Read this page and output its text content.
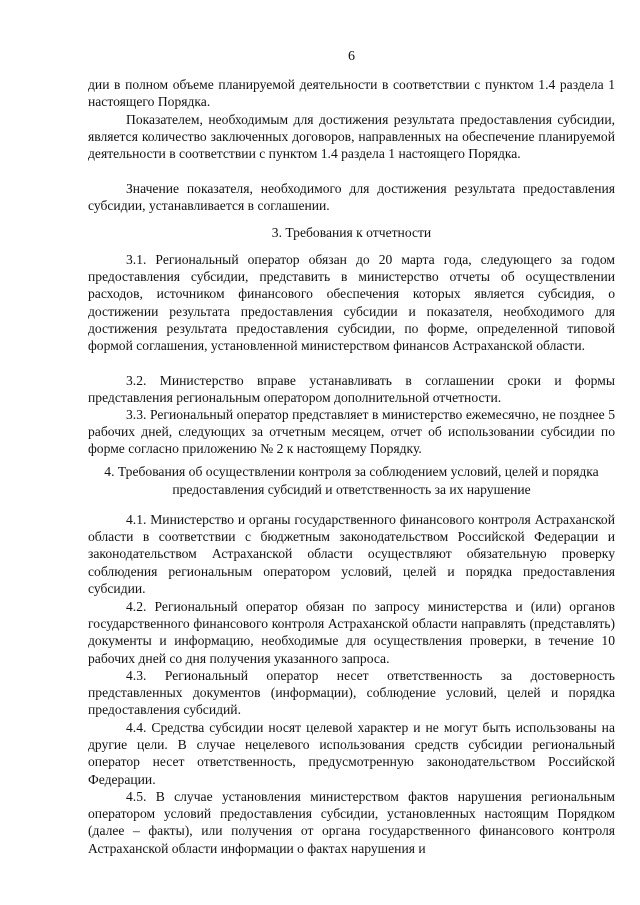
6

дии в полном объеме планируемой деятельности в соответствии с пунктом 1.4 раздела 1 настоящего Порядка.

Показателем, необходимым для достижения результата предоставления субсидии, является количество заключенных договоров, направленных на обеспечение планируемой деятельности в соответствии с пунктом 1.4 раздела 1 настоящего Порядка.

Значение показателя, необходимого для достижения результата предоставления субсидии, устанавливается в соглашении.

3. Требования к отчетности

3.1. Региональный оператор обязан до 20 марта года, следующего за годом предоставления субсидии, представить в министерство отчеты об осуществлении расходов, источником финансового обеспечения которых является субсидия, о достижении результата предоставления субсидии и показателя, необходимого для достижения результата предоставления субсидии, по форме, определенной типовой формой соглашения, установленной министерством финансов Астраханской области.

3.2. Министерство вправе устанавливать в соглашении сроки и формы представления региональным оператором дополнительной отчетности.

3.3. Региональный оператор представляет в министерство ежемесячно, не позднее 5 рабочих дней, следующих за отчетным месяцем, отчет об использовании субсидии по форме согласно приложению № 2 к настоящему Порядку.

4. Требования об осуществлении контроля за соблюдением условий, целей и порядка предоставления субсидий и ответственность за их нарушение

4.1. Министерство и органы государственного финансового контроля Астраханской области в соответствии с бюджетным законодательством Российской Федерации и законодательством Астраханской области осуществляют обязательную проверку соблюдения региональным оператором условий, целей и порядка предоставления субсидии.

4.2. Региональный оператор обязан по запросу министерства и (или) органов государственного финансового контроля Астраханской области направлять (представлять) документы и информацию, необходимые для осуществления проверки, в течение 10 рабочих дней со дня получения указанного запроса.

4.3. Региональный оператор несет ответственность за достоверность представленных документов (информации), соблюдение условий, целей и порядка предоставления субсидий.

4.4. Средства субсидии носят целевой характер и не могут быть использованы на другие цели. В случае нецелевого использования средств субсидии региональный оператор несет ответственность, предусмотренную законодательством Российской Федерации.

4.5. В случае установления министерством фактов нарушения региональным оператором условий предоставления субсидии, установленных настоящим Порядком (далее – факты), или получения от органа государственного финансового контроля Астраханской области информации о фактах нарушения и
